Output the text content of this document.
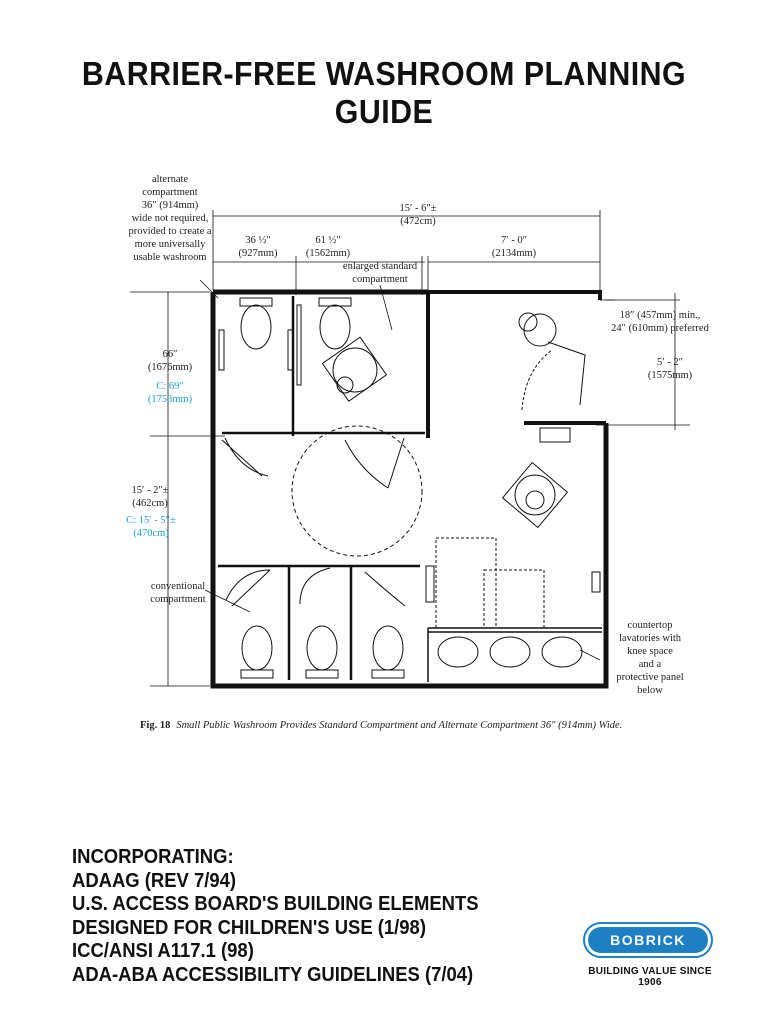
BARRIER-FREE WASHROOM PLANNING GUIDE
alternate
compartment
36″ (914mm)
wide not required,
provided to create a
more universally
usable washroom
15′ - 6″±
(472cm)
36 ½″
(927mm)
61 ½″
(1562mm)
7′ - 0″
(2134mm)
enlarged standard
compartment
18″ (457mm) min.,
24″ (610mm) preferred
66″
(1676mm)
C: 69″
(1753mm)
5′ - 2″
(1575mm)
15′ - 2″±
(462cm)
C: 15′ - 5″±
(470cm)
conventional
compartment
countertop
lavatories with
knee space
and a
protective panel
below
Fig. 18 Small Public Washroom Provides Standard Compartment and Alternate Compartment 36″ (914mm) Wide.
INCORPORATING:
ADAAG (REV 7/94)
U.S. ACCESS BOARD'S BUILDING ELEMENTS
DESIGNED FOR CHILDREN'S USE (1/98)
ICC/ANSI A117.1 (98)
ADA-ABA ACCESSIBILITY GUIDELINES (7/04)
BOBRICK
BUILDING VALUE SINCE 1906
